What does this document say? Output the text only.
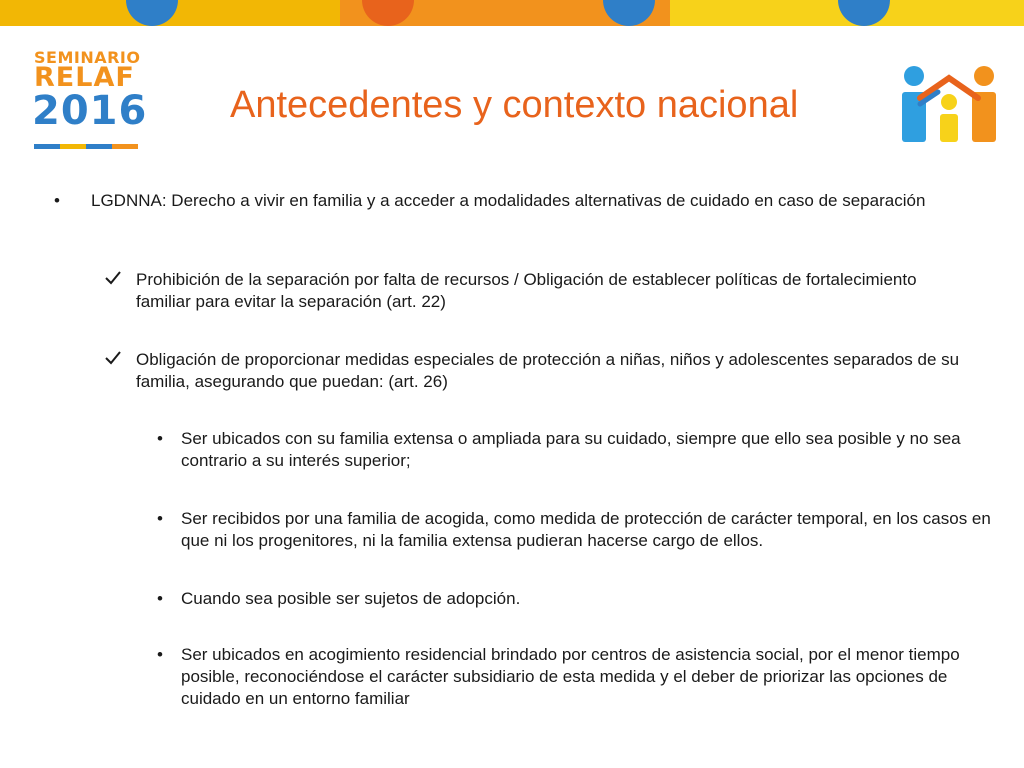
SEMINARIO
RELAF
2016 Antecedentes y contexto nacional
• LGDNNA: Derecho a vivir en familia y a acceder a modalidades alternativas de cuidado en caso de separación
Prohibición de la separación por falta de recursos / Obligación de establecer políticas de fortalecimiento familiar para evitar la separación (art. 22)
Obligación de proporcionar medidas especiales de protección a niñas, niños y adolescentes separados de su familia, asegurando que puedan: (art. 26)
• Ser ubicados con su familia extensa o ampliada para su cuidado, siempre que ello sea posible y no sea contrario a su interés superior;
• Ser recibidos por una familia de acogida, como medida de protección de carácter temporal, en los casos en que ni los progenitores, ni la familia extensa pudieran hacerse cargo de ellos.
• Cuando sea posible ser sujetos de adopción.
• Ser ubicados en acogimiento residencial brindado por centros de asistencia social, por el menor tiempo posible, reconociéndose el carácter subsidiario de esta medida y el deber de priorizar las opciones de cuidado en un entorno familiar
